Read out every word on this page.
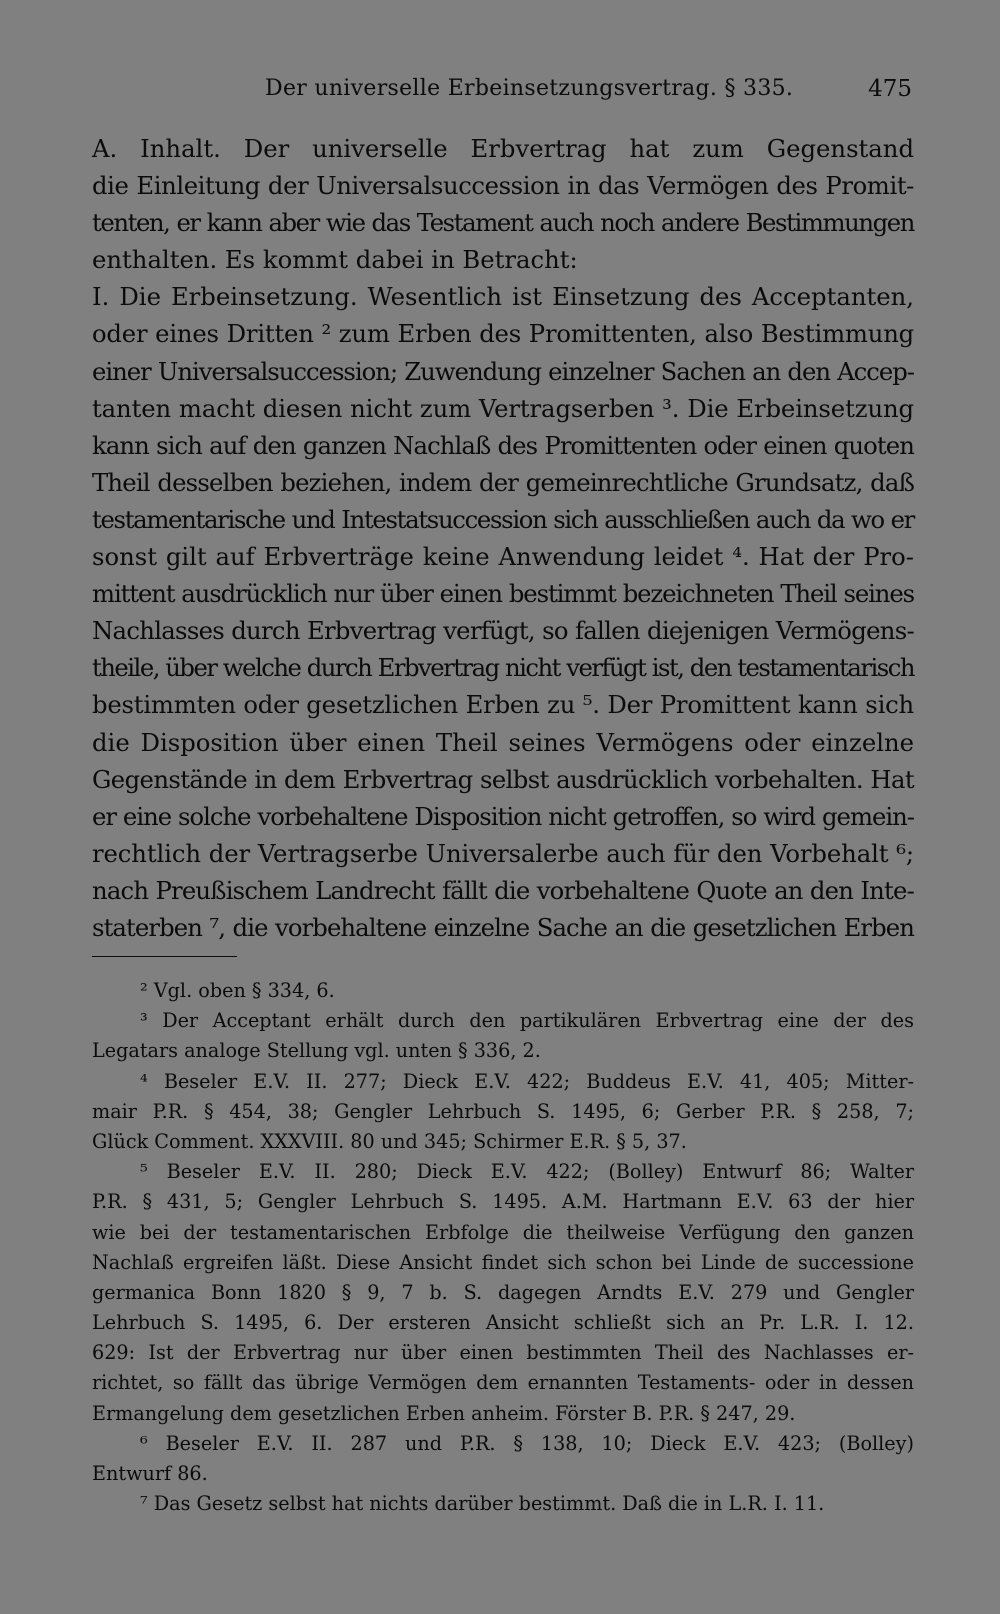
Der universelle Erbeinsetzungsvertrag. § 335.	475
A. Inhalt. Der universelle Erbvertrag hat zum Gegenstand
die Einleitung der Universalsuccession in das Vermögen des Promit-
tenten, er kann aber wie das Testament auch noch andere Bestimmungen
enthalten. Es kommt dabei in Betracht:
I. Die Erbeinsetzung. Wesentlich ist Einsetzung des Acceptanten,
oder eines Dritten ² zum Erben des Promittenten, also Bestimmung
einer Universalsuccession; Zuwendung einzelner Sachen an den Accep-
tanten macht diesen nicht zum Vertragserben ³. Die Erbeinsetzung
kann sich auf den ganzen Nachlaß des Promittenten oder einen quoten
Theil desselben beziehen, indem der gemeinrechtliche Grundsatz, daß
testamentarische und Intestatsuccession sich ausschließen auch da wo er
sonst gilt auf Erbverträge keine Anwendung leidet ⁴. Hat der Pro-
mittent ausdrücklich nur über einen bestimmt bezeichneten Theil seines
Nachlasses durch Erbvertrag verfügt, so fallen diejenigen Vermögens-
theile, über welche durch Erbvertrag nicht verfügt ist, den testamentarisch
bestimmten oder gesetzlichen Erben zu ⁵. Der Promittent kann sich
die Disposition über einen Theil seines Vermögens oder einzelne
Gegenstände in dem Erbvertrag selbst ausdrücklich vorbehalten. Hat
er eine solche vorbehaltene Disposition nicht getroffen, so wird gemein-
rechtlich der Vertragserbe Universalerbe auch für den Vorbehalt ⁶;
nach Preußischem Landrecht fällt die vorbehaltene Quote an den Inte-
staterben ⁷, die vorbehaltene einzelne Sache an die gesetzlichen Erben
² Vgl. oben § 334, 6.
³ Der Acceptant erhält durch den partikulären Erbvertrag eine der des
Legatars analoge Stellung vgl. unten § 336, 2.
⁴ Beseler E.V. II. 277; Dieck E.V. 422; Buddeus E.V. 41, 405; Mitter-
mair P.R. § 454, 38; Gengler Lehrbuch S. 1495, 6; Gerber P.R. § 258, 7;
Glück Comment. XXXVIII. 80 und 345; Schirmer E.R. § 5, 37.
⁵ Beseler E.V. II. 280; Dieck E.V. 422; (Bolley) Entwurf 86; Walter
P.R. § 431, 5; Gengler Lehrbuch S. 1495. A.M. Hartmann E.V. 63 der hier
wie bei der testamentarischen Erbfolge die theilweise Verfügung den ganzen
Nachlaß ergreifen läßt. Diese Ansicht findet sich schon bei Linde de successione
germanica Bonn 1820 § 9, 7 b. S. dagegen Arndts E.V. 279 und Gengler
Lehrbuch S. 1495, 6. Der ersteren Ansicht schließt sich an Pr. L.R. I. 12.
629: Ist der Erbvertrag nur über einen bestimmten Theil des Nachlasses er-
richtet, so fällt das übrige Vermögen dem ernannten Testaments- oder in dessen
Ermangelung dem gesetzlichen Erben anheim. Förster B. P.R. § 247, 29.
⁶ Beseler E.V. II. 287 und P.R. § 138, 10; Dieck E.V. 423; (Bolley)
Entwurf 86.
⁷ Das Gesetz selbst hat nichts darüber bestimmt. Daß die in L.R. I. 11.
